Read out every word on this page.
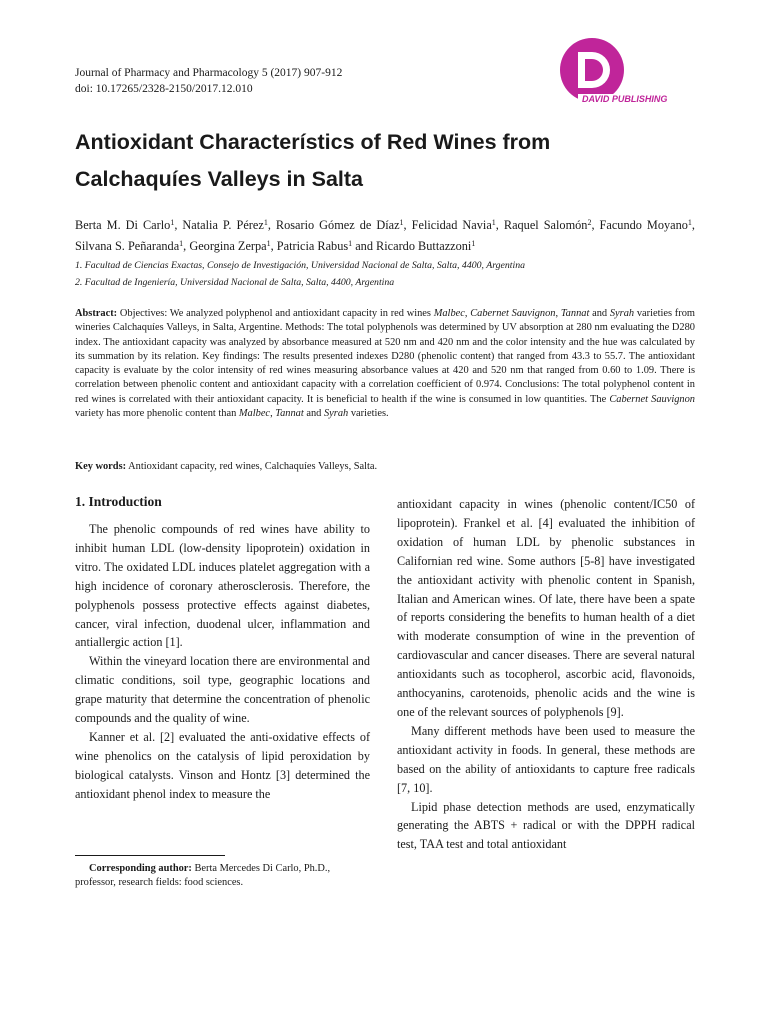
Journal of Pharmacy and Pharmacology 5 (2017) 907-912
doi: 10.17265/2328-2150/2017.12.010
DAVID PUBLISHING
Antioxidant Characterístics of Red Wines from
Calchaquíes Valleys in Salta
Berta M. Di Carlo$^1$, Natalia P. Pérez$^1$, Rosario Gómez de Díaz$^1$, Felicidad Navia$^1$, Raquel Salomón$^2$, Facundo Moyano$^1$, Silvana S. Peñaranda$^1$, Georgina Zerpa$^1$, Patricia Rabus$^1$ and Ricardo Buttazzoni$^1$
1. Facultad de Ciencias Exactas, Consejo de Investigación, Universidad Nacional de Salta, Salta, 4400, Argentina
2. Facultad de Ingeniería, Universidad Nacional de Salta, Salta, 4400, Argentina
Abstract: Objectives: We analyzed polyphenol and antioxidant capacity in red wines Malbec, Cabernet Sauvignon, Tannat and Syrah varieties from wineries Calchaquíes Valleys, in Salta, Argentine. Methods: The total polyphenols was determined by UV absorption at 280 nm evaluating the D280 index. The antioxidant capacity was analyzed by absorbance measured at 520 nm and 420 nm and the color intensity and the hue was calculated by its summation by its relation. Key findings: The results presented indexes D280 (phenolic content) that ranged from 43.3 to 55.7. The antioxidant capacity is evaluate by the color intensity of red wines measuring absorbance values at 420 and 520 nm that ranged from 0.60 to 1.09. There is correlation between phenolic content and antioxidant capacity with a correlation coefficient of 0.974. Conclusions: The total polyphenol content in red wines is correlated with their antioxidant capacity. It is beneficial to health if the wine is consumed in low quantities. The Cabernet Sauvignon variety has more phenolic content than Malbec, Tannat and Syrah varieties.
Key words: Antioxidant capacity, red wines, Calchaquíes Valleys, Salta.
1. Introduction

The phenolic compounds of red wines have ability to inhibit human LDL (low-density lipoprotein) oxidation in vitro. The oxidated LDL induces platelet aggregation with a high incidence of coronary atherosclerosis. Therefore, the polyphenols possess protective effects against diabetes, cancer, viral infection, duodenal ulcer, inflammation and antiallergic action [1].

Within the vineyard location there are environmental and climatic conditions, soil type, geographic locations and grape maturity that determine the concentration of phenolic compounds and the quality of wine.

Kanner et al. [2] evaluated the anti-oxidative effects of wine phenolics on the catalysis of lipid peroxidation by biological catalysts. Vinson and Hontz [3] determined the antioxidant phenol index to measure the

antioxidant capacity in wines (phenolic content/IC50 of lipoprotein). Frankel et al. [4] evaluated the inhibition of oxidation of human LDL by phenolic substances in Californian red wine. Some authors [5-8] have investigated the antioxidant activity with phenolic content in Spanish, Italian and American wines. Of late, there have been a spate of reports considering the benefits to human health of a diet with moderate consumption of wine in the prevention of cardiovascular and cancer diseases. There are several natural antioxidants such as tocopherol, ascorbic acid, flavonoids, anthocyanins, carotenoids, phenolic acids and the wine is one of the relevant sources of polyphenols [9].

Many different methods have been used to measure the antioxidant activity in foods. In general, these methods are based on the ability of antioxidants to capture free radicals [7, 10].

Lipid phase detection methods are used, enzymatically generating the ABTS + radical or with the DPPH radical test, TAA test and total antioxidant

Corresponding author: Berta Mercedes Di Carlo, Ph.D., professor, research fields: food sciences.
